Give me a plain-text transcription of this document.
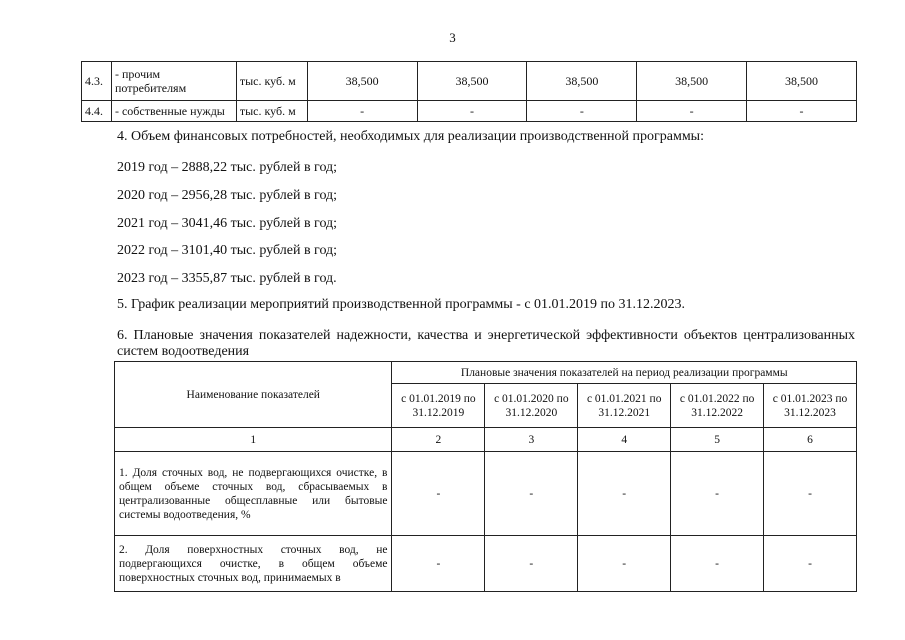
3
4.3.	- прочим потребителям	тыс. куб. м	38,500	38,500	38,500	38,500	38,500
4.4.	- собственные нужды	тыс. куб. м	-	-	-	-	-
4. Объем финансовых потребностей, необходимых для реализации производственной программы:
2019 год – 2888,22 тыс. рублей в год;
2020 год – 2956,28 тыс. рублей в год;
2021 год – 3041,46 тыс. рублей в год;
2022 год – 3101,40 тыс. рублей в год;
2023 год – 3355,87 тыс. рублей в год.
5. График реализации мероприятий производственной программы - с 01.01.2019 по 31.12.2023.
6. Плановые значения показателей надежности, качества и энергетической эффективности объектов централизованных систем водоотведения
Наименование показателей	Плановые значения показателей на период реализации программы				
	с 01.01.2019 по 31.12.2019	с 01.01.2020 по 31.12.2020	с 01.01.2021 по 31.12.2021	с 01.01.2022 по 31.12.2022	с 01.01.2023 по 31.12.2023
1	2	3	4	5	6
1. Доля сточных вод, не подвергающихся очистке, в общем объеме сточных вод, сбрасываемых в централизованные общесплавные или бытовые системы водоотведения, %	-	-	-	-	-
2. Доля поверхностных сточных вод, не подвергающихся очистке, в общем объеме поверхностных сточных вод, принимаемых в	-	-	-	-	-
